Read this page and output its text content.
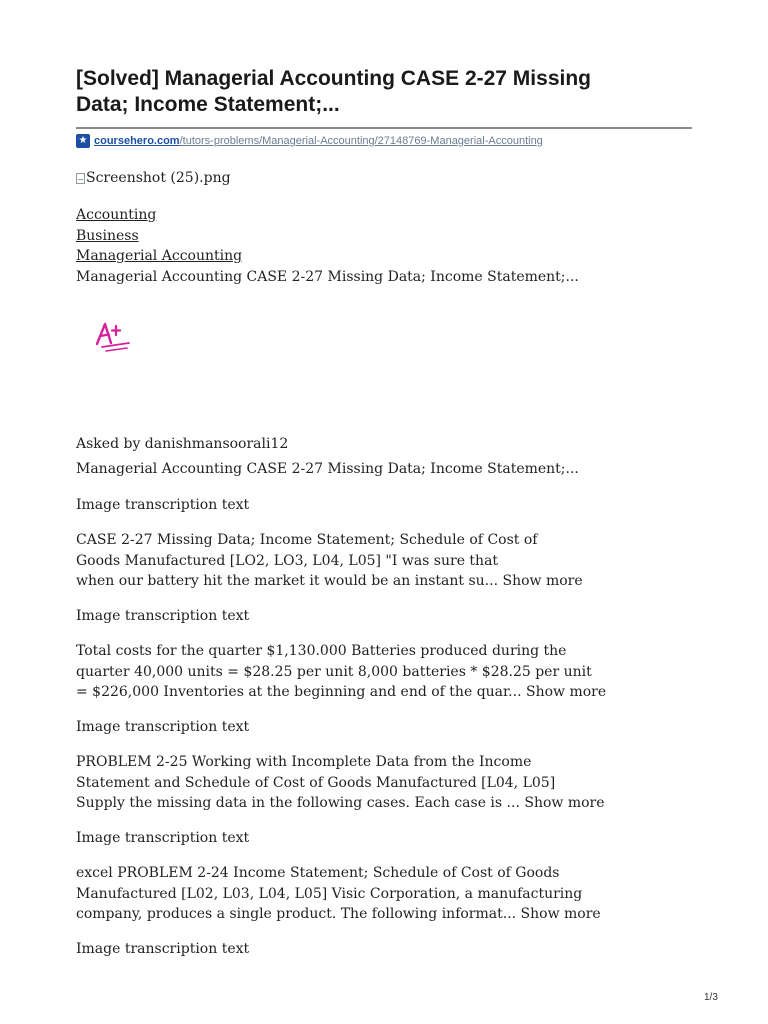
[Solved] Managerial Accounting CASE 2-27 Missing
Data; Income Statement;...
★ coursehero.com/tutors-problems/Managerial-Accounting/27148769-Managerial-Accounting
Screenshot (25).png
Accounting
Business
Managerial Accounting
Managerial Accounting CASE 2-27 Missing Data; Income Statement;...
Asked by danishmansoorali12
Managerial Accounting CASE 2-27 Missing Data; Income Statement;...
Image transcription text
CASE 2-27 Missing Data; Income Statement; Schedule of Cost of
Goods Manufactured [LO2, LO3, L04, L05] "I was sure that
when our battery hit the market it would be an instant su... Show more
Image transcription text
Total costs for the quarter $1,130.000 Batteries produced during the
quarter 40,000 units = $28.25 per unit 8,000 batteries * $28.25 per unit
= $226,000 Inventories at the beginning and end of the quar... Show more
Image transcription text
PROBLEM 2-25 Working with Incomplete Data from the Income
Statement and Schedule of Cost of Goods Manufactured [L04, L05]
Supply the missing data in the following cases. Each case is ... Show more
Image transcription text
excel PROBLEM 2-24 Income Statement; Schedule of Cost of Goods
Manufactured [L02, L03, L04, L05] Visic Corporation, a manufacturing
company, produces a single product. The following informat... Show more
Image transcription text
1/3
